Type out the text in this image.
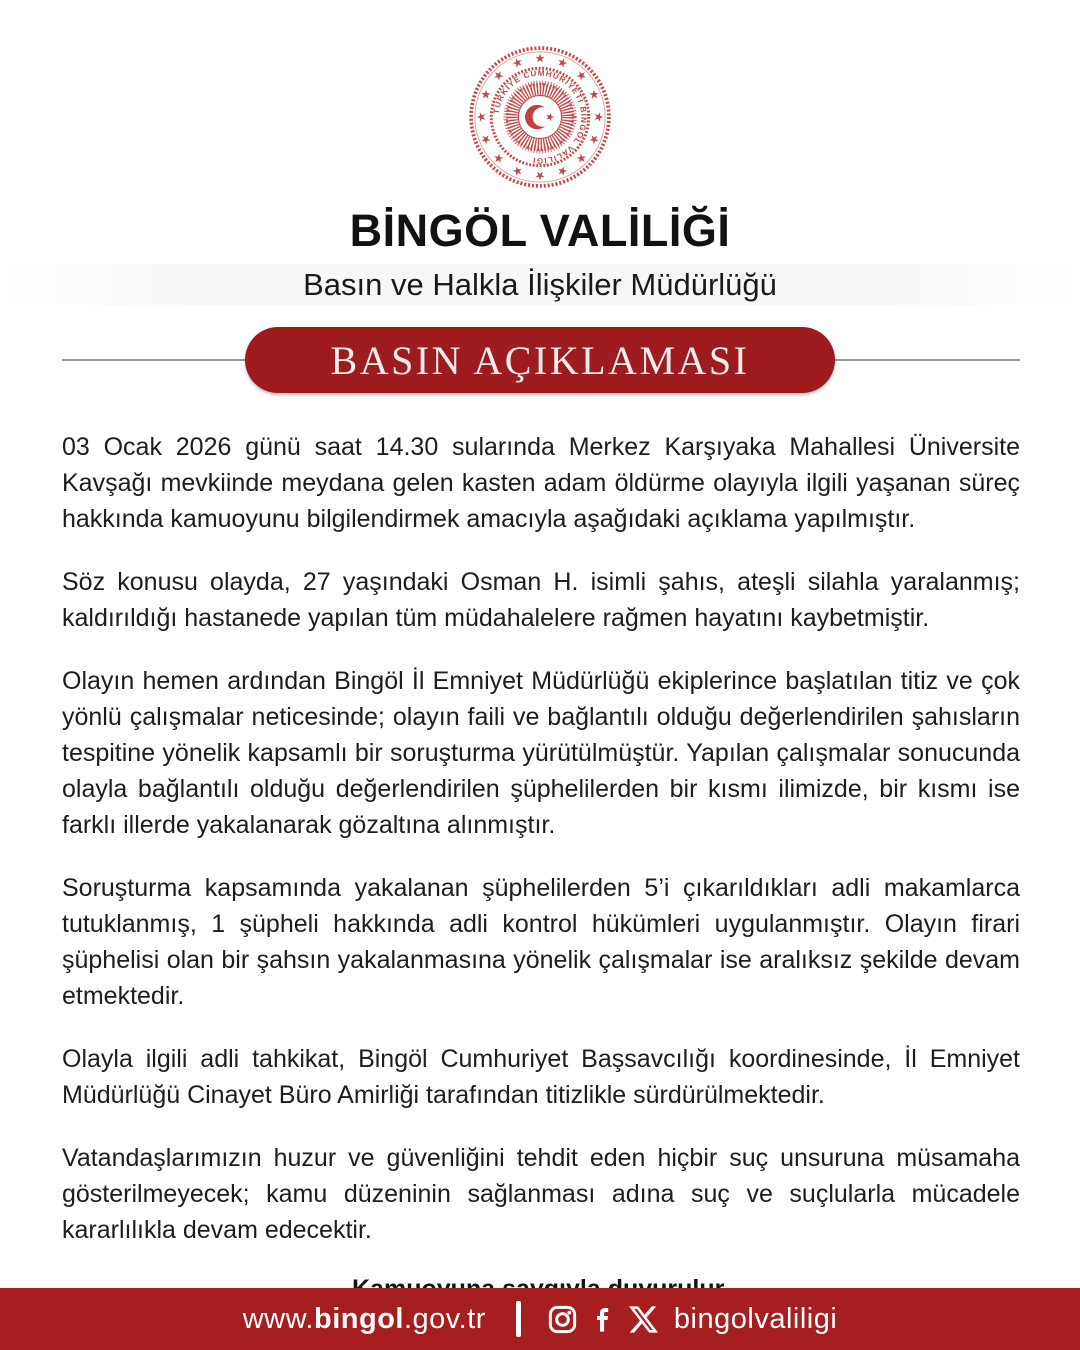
TÜRKİYE CUMHURİYETİ BİNGÖL VALİLİĞİ
BİNGÖL VALİLİĞİ
Basın ve Halkla İlişkiler Müdürlüğü
BASIN AÇIKLAMASI

03 Ocak 2026 günü saat 14.30 sularında Merkez Karşıyaka Mahallesi Üniversite Kavşağı mevkiinde meydana gelen kasten adam öldürme olayıyla ilgili yaşanan süreç hakkında kamuoyunu bilgilendirmek amacıyla aşağıdaki açıklama yapılmıştır.

Söz konusu olayda, 27 yaşındaki Osman H. isimli şahıs, ateşli silahla yaralanmış; kaldırıldığı hastanede yapılan tüm müdahalelere rağmen hayatını kaybetmiştir.

Olayın hemen ardından Bingöl İl Emniyet Müdürlüğü ekiplerince başlatılan titiz ve çok yönlü çalışmalar neticesinde; olayın faili ve bağlantılı olduğu değerlendirilen şahısların tespitine yönelik kapsamlı bir soruşturma yürütülmüştür. Yapılan çalışmalar sonucunda olayla bağlantılı olduğu değerlendirilen şüphelilerden bir kısmı ilimizde, bir kısmı ise farklı illerde yakalanarak gözaltına alınmıştır.

Soruşturma kapsamında yakalanan şüphelilerden 5’i çıkarıldıkları adli makamlarca tutuklanmış, 1 şüpheli hakkında adli kontrol hükümleri uygulanmıştır. Olayın firari şüphelisi olan bir şahsın yakalanmasına yönelik çalışmalar ise aralıksız şekilde devam etmektedir.

Olayla ilgili adli tahkikat, Bingöl Cumhuriyet Başsavcılığı koordinesinde, İl Emniyet Müdürlüğü Cinayet Büro Amirliği tarafından titizlikle sürdürülmektedir.

Vatandaşlarımızın huzur ve güvenliğini tehdit eden hiçbir suç unsuruna müsamaha gösterilmeyecek; kamu düzeninin sağlanması adına suç ve suçlularla mücadele kararlılıkla devam edecektir.

www.bingol.gov.tr	bingolvaliligi
